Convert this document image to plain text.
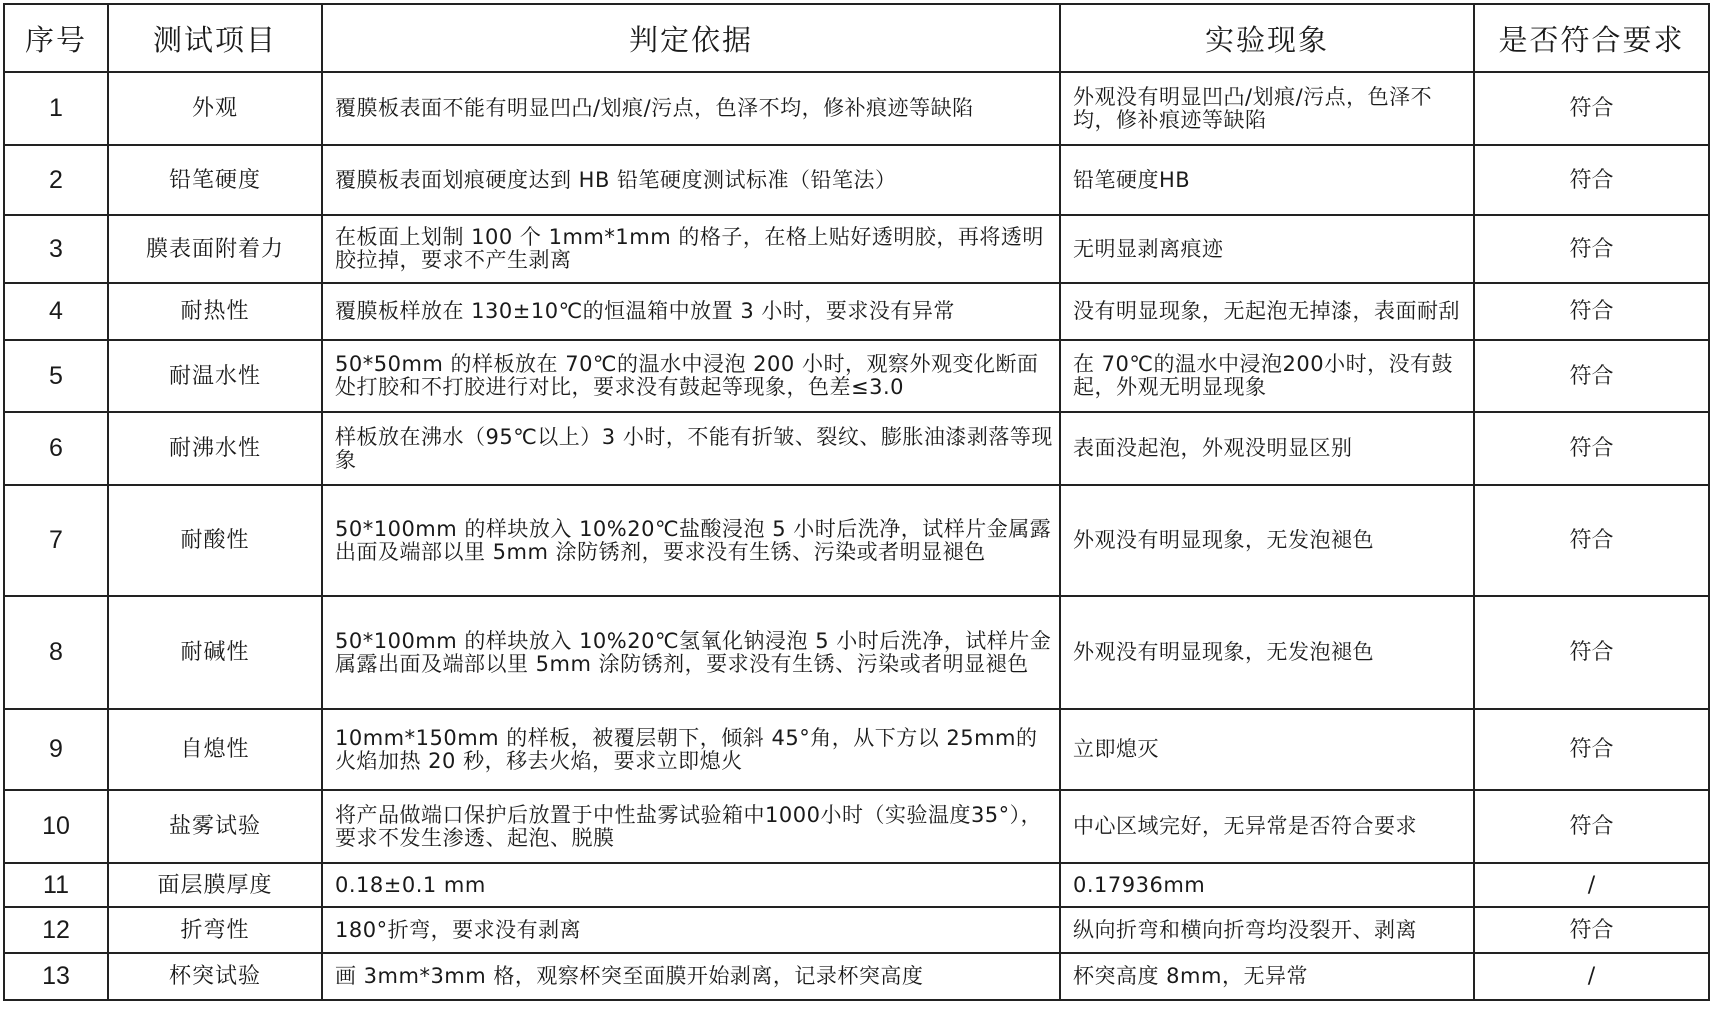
序号	测试项目	判定依据	实验现象	是否符合要求
1	外观	覆膜板表面不能有明显凹凸/划痕/污点，色泽不均，修补痕迹等缺陷	外观没有明显凹凸/划痕/污点，色泽不均，修补痕迹等缺陷	符合
2	铅笔硬度	覆膜板表面划痕硬度达到 HB 铅笔硬度测试标准（铅笔法）	铅笔硬度HB	符合
3	膜表面附着力	在板面上划制 100 个 1mm*1mm 的格子，在格上贴好透明胶，再将透明胶拉掉，要求不产生剥离	无明显剥离痕迹	符合
4	耐热性	覆膜板样放在 130±10℃的恒温箱中放置 3 小时，要求没有异常	没有明显现象，无起泡无掉漆，表面耐刮	符合
5	耐温水性	50*50mm 的样板放在 70℃的温水中浸泡 200 小时，观察外观变化断面处打胶和不打胶进行对比，要求没有鼓起等现象，色差≤3.0	在 70℃的温水中浸泡200小时，没有鼓起，外观无明显现象	符合
6	耐沸水性	样板放在沸水（95℃以上）3 小时，不能有折皱、裂纹、膨胀油漆剥落等现象	表面没起泡，外观没明显区别	符合
7	耐酸性	50*100mm 的样块放入 10%20℃盐酸浸泡 5 小时后洗净，试样片金属露出面及端部以里 5mm 涂防锈剂，要求没有生锈、污染或者明显褪色	外观没有明显现象，无发泡褪色	符合
8	耐碱性	50*100mm 的样块放入 10%20℃氢氧化钠浸泡 5 小时后洗净，试样片金属露出面及端部以里 5mm 涂防锈剂，要求没有生锈、污染或者明显褪色	外观没有明显现象，无发泡褪色	符合
9	自熄性	10mm*150mm 的样板，被覆层朝下，倾斜 45°角，从下方以 25mm的火焰加热 20 秒，移去火焰，要求立即熄火	立即熄灭	符合
10	盐雾试验	将产品做端口保护后放置于中性盐雾试验箱中1000小时（实验温度35°），要求不发生渗透、起泡、脱膜	中心区域完好，无异常是否符合要求	符合
11	面层膜厚度	0.18±0.1 mm	0.17936mm	/
12	折弯性	180°折弯，要求没有剥离	纵向折弯和横向折弯均没裂开、剥离	符合
13	杯突试验	画 3mm*3mm 格，观察杯突至面膜开始剥离，记录杯突高度	杯突高度 8mm，无异常	/
